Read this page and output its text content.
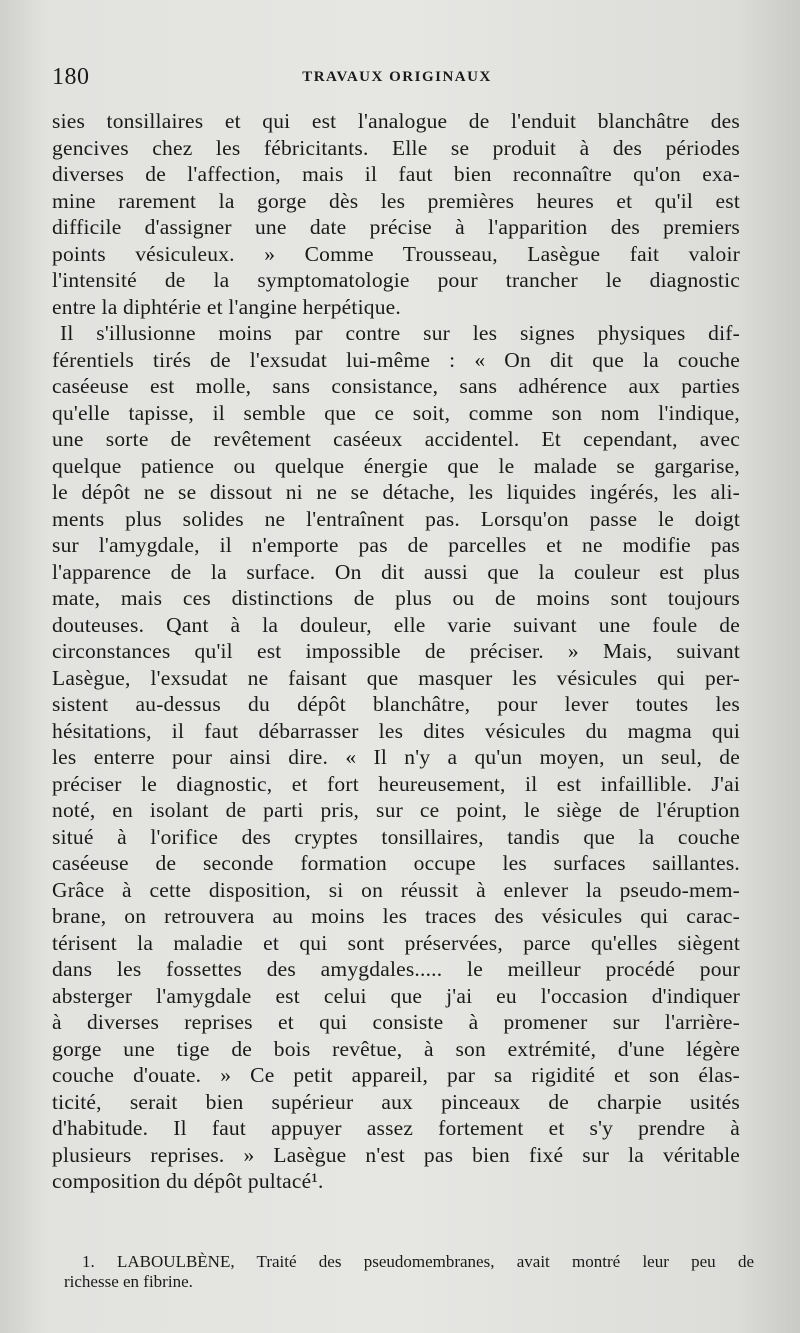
180	TRAVAUX ORIGINAUX
sies tonsillaires et qui est l'analogue de l'enduit blanchâtre des
gencives chez les fébricitants. Elle se produit à des périodes
diverses de l'affection, mais il faut bien reconnaître qu'on exa-
mine rarement la gorge dès les premières heures et qu'il est
difficile d'assigner une date précise à l'apparition des premiers
points vésiculeux. » Comme Trousseau, Lasègue fait valoir
l'intensité de la symptomatologie pour trancher le diagnostic
entre la diphtérie et l'angine herpétique.
Il s'illusionne moins par contre sur les signes physiques dif-
férentiels tirés de l'exsudat lui-même : « On dit que la couche
caséeuse est molle, sans consistance, sans adhérence aux parties
qu'elle tapisse, il semble que ce soit, comme son nom l'indique,
une sorte de revêtement caséeux accidentel. Et cependant, avec
quelque patience ou quelque énergie que le malade se gargarise,
le dépôt ne se dissout ni ne se détache, les liquides ingérés, les ali-
ments plus solides ne l'entraînent pas. Lorsqu'on passe le doigt
sur l'amygdale, il n'emporte pas de parcelles et ne modifie pas
l'apparence de la surface. On dit aussi que la couleur est plus
mate, mais ces distinctions de plus ou de moins sont toujours
douteuses. Qant à la douleur, elle varie suivant une foule de
circonstances qu'il est impossible de préciser. » Mais, suivant
Lasègue, l'exsudat ne faisant que masquer les vésicules qui per-
sistent au-dessus du dépôt blanchâtre, pour lever toutes les
hésitations, il faut débarrasser les dites vésicules du magma qui
les enterre pour ainsi dire. « Il n'y a qu'un moyen, un seul, de
préciser le diagnostic, et fort heureusement, il est infaillible. J'ai
noté, en isolant de parti pris, sur ce point, le siège de l'éruption
situé à l'orifice des cryptes tonsillaires, tandis que la couche
caséeuse de seconde formation occupe les surfaces saillantes.
Grâce à cette disposition, si on réussit à enlever la pseudo-mem-
brane, on retrouvera au moins les traces des vésicules qui carac-
térisent la maladie et qui sont préservées, parce qu'elles siègent
dans les fossettes des amygdales..... le meilleur procédé pour
absterger l'amygdale est celui que j'ai eu l'occasion d'indiquer
à diverses reprises et qui consiste à promener sur l'arrière-
gorge une tige de bois revêtue, à son extrémité, d'une légère
couche d'ouate. » Ce petit appareil, par sa rigidité et son élas-
ticité, serait bien supérieur aux pinceaux de charpie usités
d'habitude. Il faut appuyer assez fortement et s'y prendre à
plusieurs reprises. » Lasègue n'est pas bien fixé sur la véritable
composition du dépôt pultacé¹.
1. LABOULBÈNE, Traité des pseudomembranes, avait montré leur peu de
richesse en fibrine.
